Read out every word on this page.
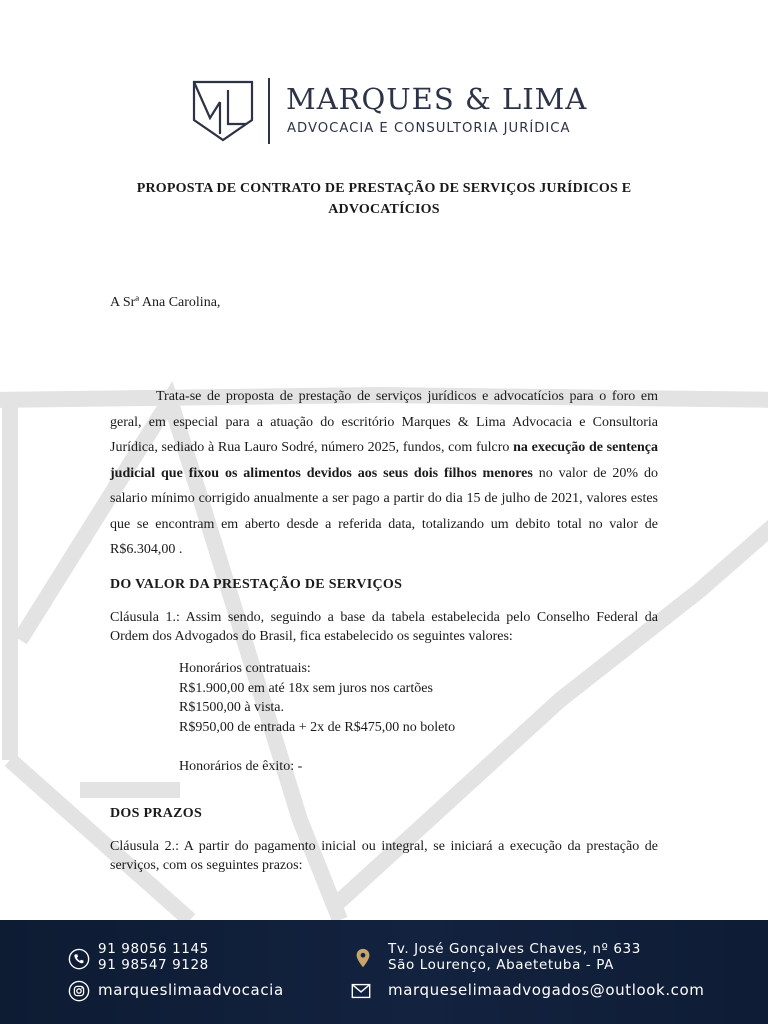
MARQUES & LIMA
ADVOCACIA E CONSULTORIA JURÍDICA
PROPOSTA DE CONTRATO DE PRESTAÇÃO DE SERVIÇOS JURÍDICOS E ADVOCATÍCIOS
A Srª Ana Carolina,

Trata-se de proposta de prestação de serviços jurídicos e advocatícios para o foro em geral, em especial para a atuação do escritório Marques & Lima Advocacia e Consultoria Jurídica, sediado à Rua Lauro Sodré, número 2025, fundos, com fulcro na execução de sentença judicial que fixou os alimentos devidos aos seus dois filhos menores no valor de 20% do salario mínimo corrigido anualmente a ser pago a partir do dia 15 de julho de 2021, valores estes que se encontram em aberto desde a referida data, totalizando um debito total no valor de R$6.304,00 .

DO VALOR DA PRESTAÇÃO DE SERVIÇOS

Cláusula 1.: Assim sendo, seguindo a base da tabela estabelecida pelo Conselho Federal da Ordem dos Advogados do Brasil, fica estabelecido os seguintes valores:

Honorários contratuais:
R$1.900,00 em até 18x sem juros nos cartões
R$1500,00 à vista.
R$950,00 de entrada + 2x de R$475,00 no boleto
Honorários de êxito: -
DOS PRAZOS

Cláusula 2.: A partir do pagamento inicial ou integral, se iniciará a execução da prestação de serviços, com os seguintes prazos:

91 98056 1145
91 98547 9128
Tv. José Gonçalves Chaves, nº 633
São Lourenço, Abaetetuba - PA
marqueslimaadvocacia	marqueselimaadvogados@outlook.com
